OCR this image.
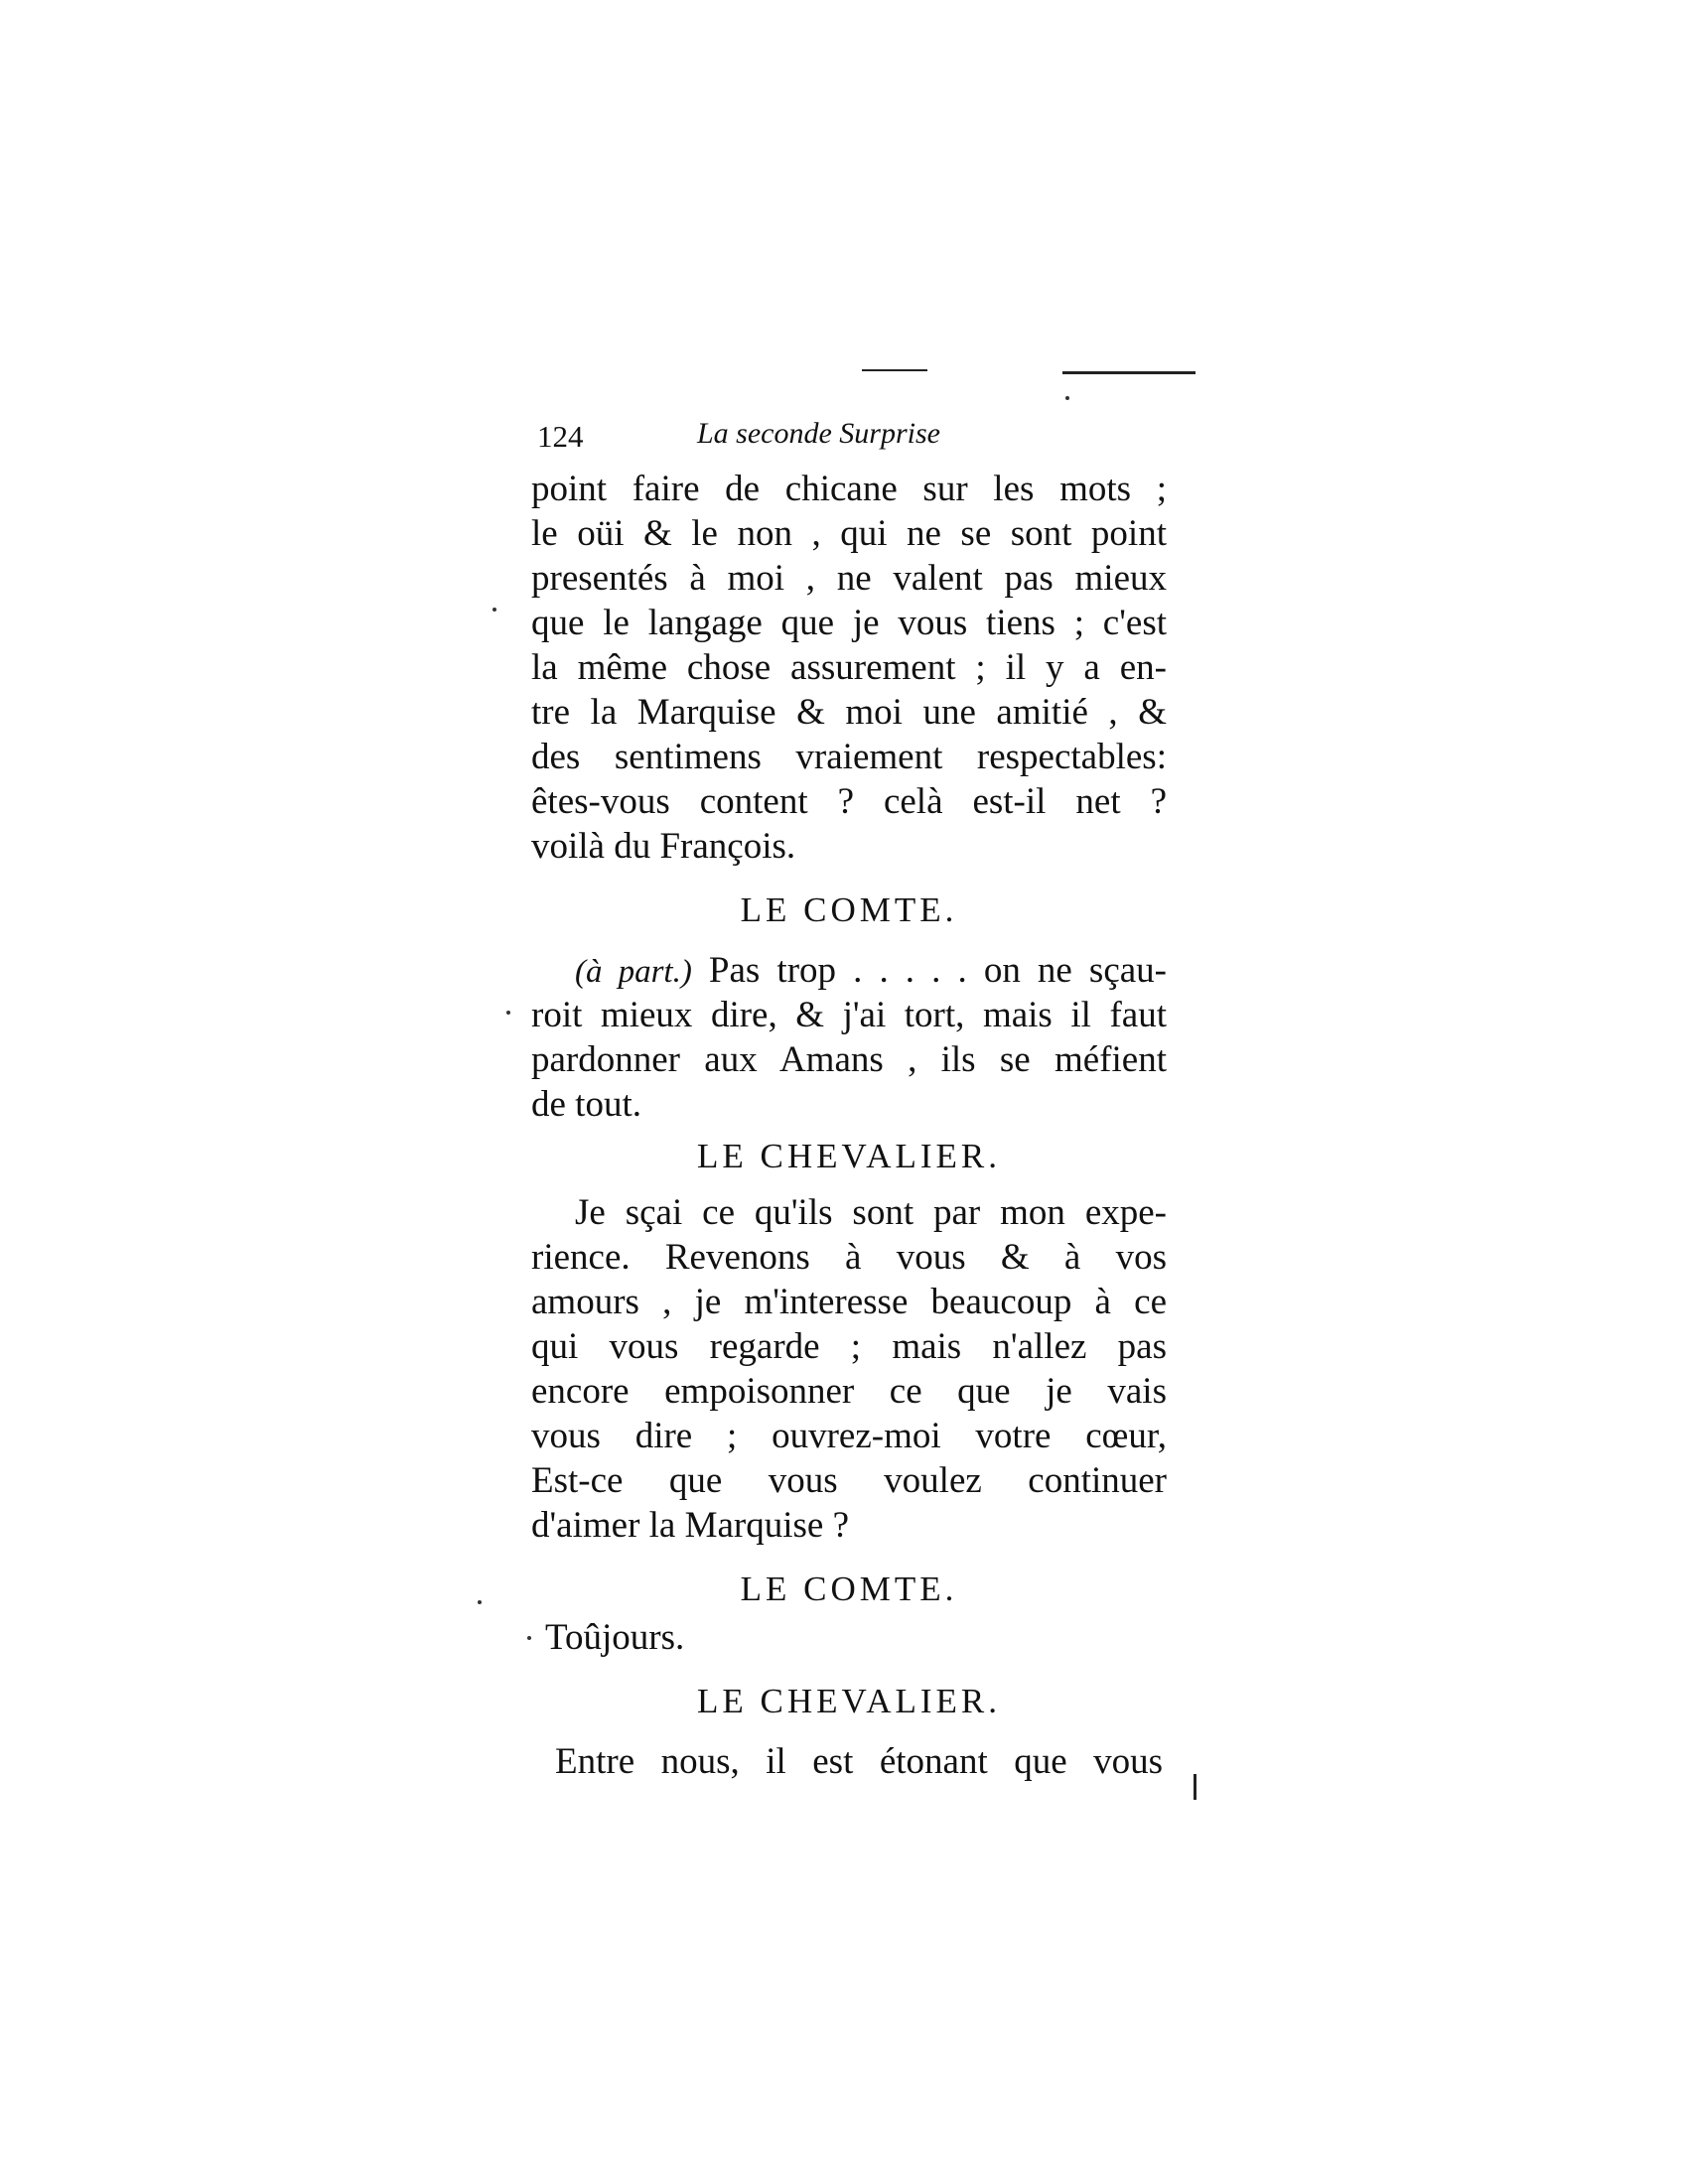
124	La seconde Surprise
point faire de chicane sur les mots ;
le oüi & le non , qui ne se sont point
presentés à moi , ne valent pas mieux
que le langage que je vous tiens ; c'est
la même chose assurement ; il y a en-
tre la Marquise & moi une amitié , &
des sentimens vraiement respectables:
êtes-vous content ? celà est-il net ?
voilà du François.
LE COMTE.
(à part.) Pas trop . . . . . on ne sçau-
roit mieux dire, & j'ai tort, mais il faut
pardonner aux Amans , ils se méfient
de tout.
LE CHEVALIER.
Je sçai ce qu'ils sont par mon expe-
rience. Revenons à vous & à vos
amours , je m'interesse beaucoup à ce
qui vous regarde ; mais n'allez pas
encore empoisonner ce que je vais
vous dire ; ouvrez-moi votre cœur,
Est-ce que vous voulez continuer
d'aimer la Marquise ?
LE COMTE.
Toûjours.
LE CHEVALIER.
Entre nous, il est étonant que vous
